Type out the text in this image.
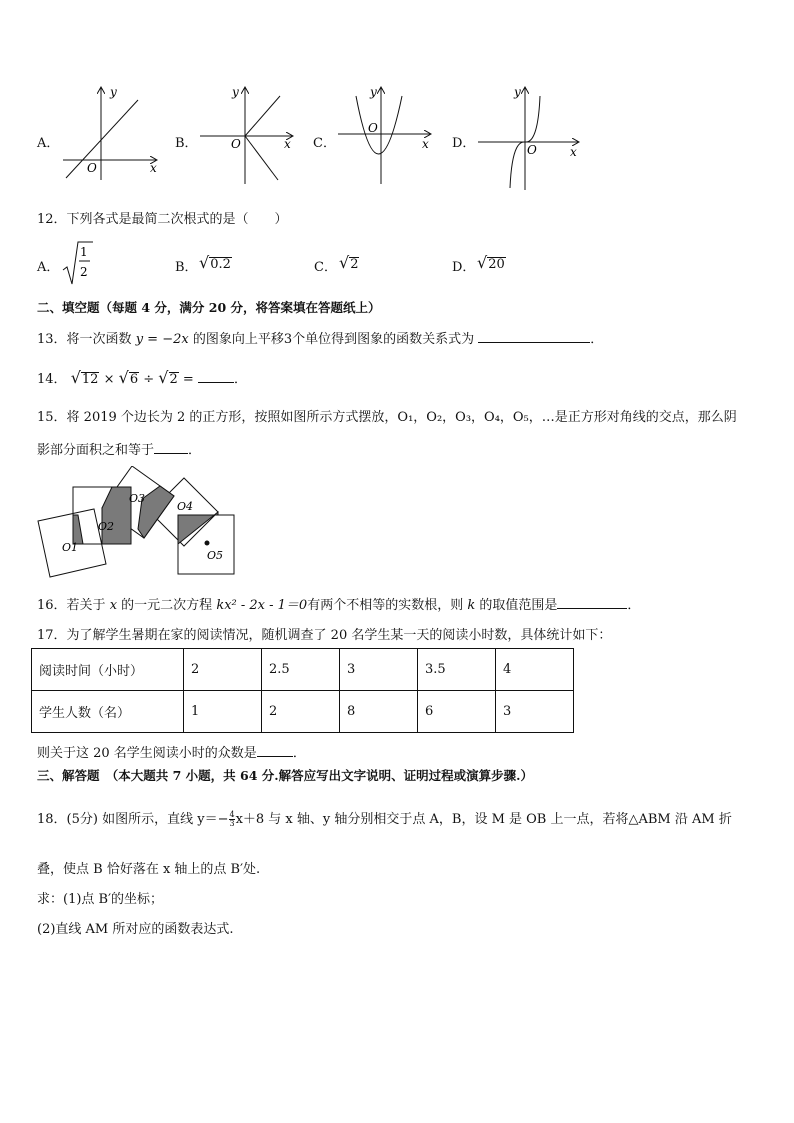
A．
y
O	x
B．
y
O	x C．
y
O
x D．
y
O	x
12．下列各式是最简二次根式的是（　　）
A．
1
2	B． √0.2	C． √2	D． √20
二、填空题（每题 4 分，满分 20 分，将答案填在答题纸上）
13．将一次函数 y = −2x 的图象向上平移3个单位得到图象的函数关系式为	．
14． √12 × √6 ÷ √2 =	．
15．将 2019 个边长为 2 的正方形，按照如图所示方式摆放，O₁，O₂，O₃，O₄，O₅，…是正方形对角线的交点，那么阴
影部分面积之和等于	．
O1
O2
O3
O4
O5
16．若关于 x 的一元二次方程 kx² - 2x - 1＝0有两个不相等的实数根，则 k 的取值范围是	．
17．为了解学生暑期在家的阅读情况，随机调查了 20 名学生某一天的阅读小时数，具体统计如下：
阅读时间（小时）	2	2.5	3	3.5	4
学生人数（名）	1	2	8	6	3
则关于这 20 名学生阅读小时的众数是	．
三、解答题　（本大题共 7 小题，共 64 分.解答应写出文字说明、证明过程或演算步骤.）
18．(5分) 如图所示，直线 $y=- \frac{4}{3} x+8$ 与 x 轴、y 轴分别相交于点 A，B，设 M 是 OB 上一点，若将△ABM 沿 AM 折
叠，使点 B 恰好落在 x 轴上的点 B′处.
求：(1)点 B′的坐标；
(2)直线 AM 所对应的函数表达式.
